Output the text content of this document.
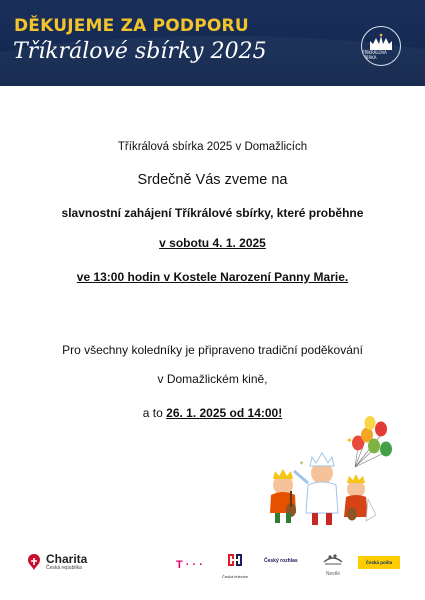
DĚKUJEME ZA PODPORU
Tříkrálové sbírky 2025	TŘÍKRÁLOVÁ SBÍRKA
Tříkrálová sbírka 2025 v Domažlicích
Srdečně Vás zveme na
slavnostní zahájení Tříkrálové sbírky, které proběhne
v sobotu 4. 1. 2025
ve 13:00 hodin v Kostele Narození Panny Marie.
Pro všechny koledníky je připraveno tradiční poděkování
v Domažlickém kině,
a to 26. 1. 2025 od 14:00!
✦
✦
Charita
Česká republika	T · · ·
Česká televize
Český rozhlas
Nestlé
Česká pošta
